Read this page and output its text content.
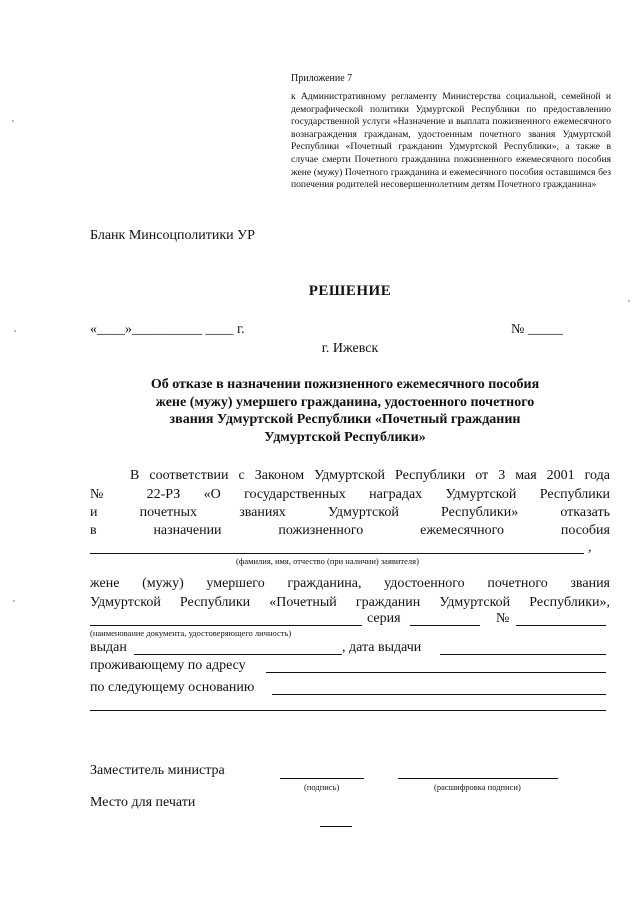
Приложение 7
к Административному регламенту Министерства социальной, семейной и демографической политики Удмуртской Республики по предоставлению государственной услуги «Назначение и выплата пожизненного ежемесячного вознаграждения гражданам, удостоенным почетного звания Удмуртской Республики «Почетный гражданин Удмуртской Республики», а также в случае смерти Почетного гражданина пожизненного ежемесячного пособия жене (мужу) Почетного гражданина и ежемесячного пособия оставшимся без попечения родителей несовершеннолетним детям Почетного гражданина»
Бланк Минсоцполитики УР
РЕШЕНИЕ
«____»__________ ____ г.	№ _____
г. Ижевск
Об отказе в назначении пожизненного ежемесячного пособия жене (мужу) умершего гражданина, удостоенного почетного звания Удмуртской Республики «Почетный гражданин Удмуртской Республики»
В соответствии с Законом Удмуртской Республики от 3 мая 2001 года
№ 22-РЗ «О государственных наградах Удмуртской Республики
и почетных званиях Удмуртской Республики» отказать
в назначении пожизненного ежемесячного пособия
,
(фамилия, имя, отчество (при наличии) заявителя)
жене (мужу) умершего гражданина, удостоенного почетного звания
Удмуртской Республики «Почетный гражданин Удмуртской Республики»,
серия	№
(наименование документа, удостоверяющего личность)
выдан	, дата выдачи
проживающему по адресу
по следующему основанию
Заместитель министра
(подпись)	(расшифровка подписи)
Место для печати
